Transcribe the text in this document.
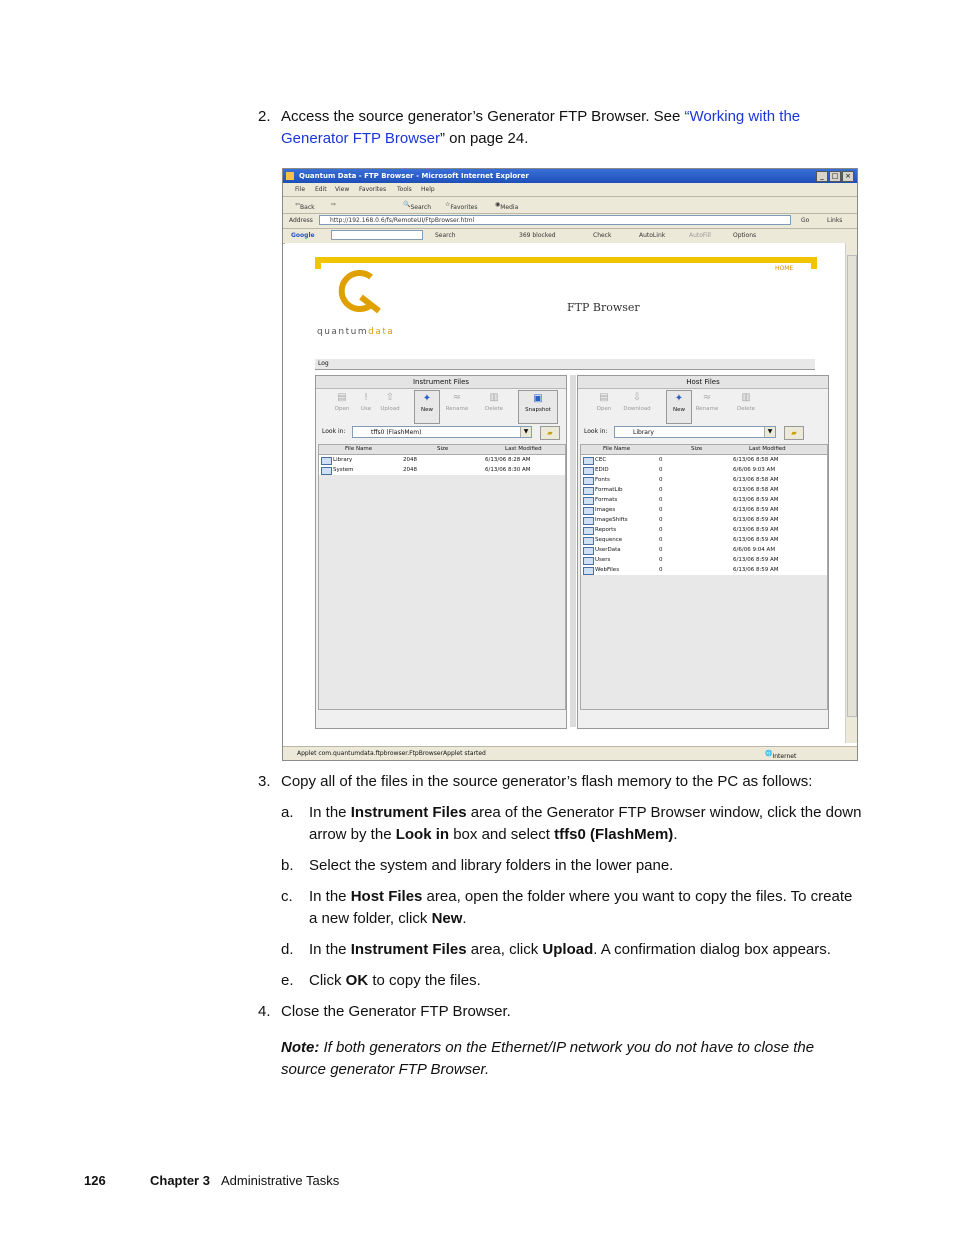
2. Access the source generator’s Generator FTP Browser. See “Working with the Generator FTP Browser” on page 24.
Quantum Data - FTP Browser - Microsoft Internet Explorer	_	□ ×
File Edit View Favorites Tools Help
⇦ Back	⇨	🔍 Search ☆ Favorites	◉ Media
Address	http://192.168.0.6/fs/RemoteUI/FtpBrowser.html	Go	Links
Google	Search	369 blocked	Check	AutoLink	AutoFill	Options
HOME
quantumdata
FTP Browser
Log
Instrument Files
▤
Open
!
Use
⇧
Upload
✦
New
≈
Rename
▥
Delete
▣
Snapshot
Look in:	tffs0 (FlashMem)	▼	▰
File Name	Size	Last Modified
Library	2048	6/13/06 8:28 AM
System	2048	6/13/06 8:30 AM
Host Files
▤
Open
⇩
Download
✦
New
≈
Rename
▥
Delete
Look in:	Library	▼	▰
File Name	Size	Last Modified
CEC	0	6/13/06 8:58 AM
EDID	0	6/6/06 9:03 AM
Fonts	0	6/13/06 8:58 AM
FormatLib	0	6/13/06 8:58 AM
Formats	0	6/13/06 8:59 AM
Images	0	6/13/06 8:59 AM
ImageShifts	0	6/13/06 8:59 AM
Reports	0	6/13/06 8:59 AM
Sequence	0	6/13/06 8:59 AM
UserData	0	6/6/06 9:04 AM
Users	0	6/13/06 8:59 AM
WebFiles	0	6/13/06 8:59 AM
Applet com.quantumdata.ftpbrowser.FtpBrowserApplet started	🌐 Internet
3. Copy all of the files in the source generator’s flash memory to the PC as follows:
a. In the Instrument Files area of the Generator FTP Browser window, click the down
arrow by the Look in box and select tffs0 (FlashMem).
b. Select the system and library folders in the lower pane.
c. In the Host Files area, open the folder where you want to copy the files. To create
a new folder, click New.
d. In the Instrument Files area, click Upload. A confirmation dialog box appears.
e. Click OK to copy the files.
4. Close the Generator FTP Browser.
Note: If both generators on the Ethernet/IP network you do not have to close the
source generator FTP Browser.
126	Chapter 3 Administrative Tasks
